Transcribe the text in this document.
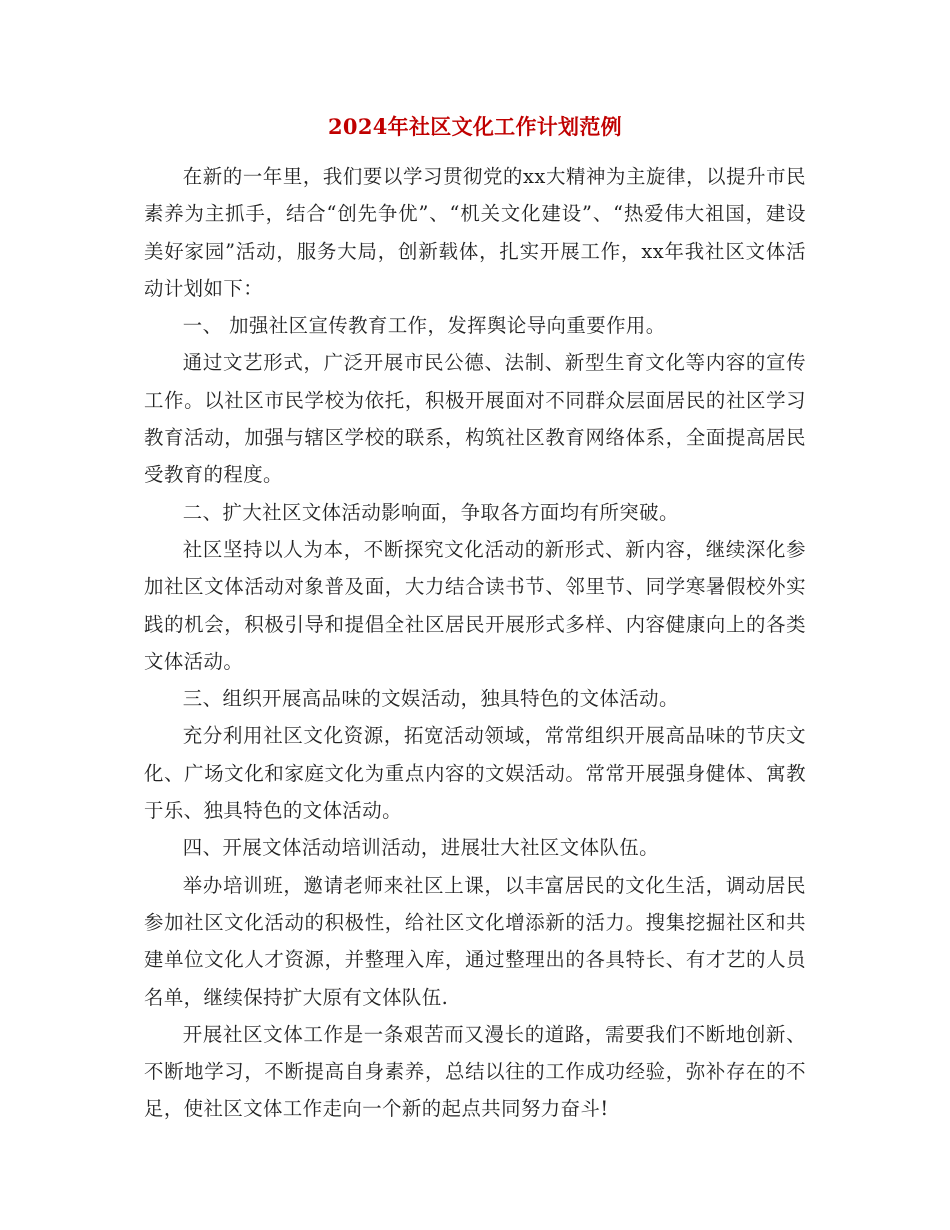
2024年社区文化工作计划范例

在新的一年里，我们要以学习贯彻党的xx大精神为主旋律，以提升市民素养为主抓手，结合“创先争优”、“机关文化建设”、“热爱伟大祖国，建设美好家园”活动，服务大局，创新载体，扎实开展工作，xx年我社区文体活动计划如下：

一、 加强社区宣传教育工作，发挥舆论导向重要作用。

通过文艺形式，广泛开展市民公德、法制、新型生育文化等内容的宣传工作。以社区市民学校为依托，积极开展面对不同群众层面居民的社区学习教育活动，加强与辖区学校的联系，构筑社区教育网络体系，全面提高居民受教育的程度。

二、扩大社区文体活动影响面，争取各方面均有所突破。

社区坚持以人为本，不断探究文化活动的新形式、新内容，继续深化参加社区文体活动对象普及面，大力结合读书节、邻里节、同学寒暑假校外实践的机会，积极引导和提倡全社区居民开展形式多样、内容健康向上的各类文体活动。

三、组织开展高品味的文娱活动，独具特色的文体活动。

充分利用社区文化资源，拓宽活动领域，常常组织开展高品味的节庆文化、广场文化和家庭文化为重点内容的文娱活动。常常开展强身健体、寓教于乐、独具特色的文体活动。

四、开展文体活动培训活动，进展壮大社区文体队伍。

举办培训班，邀请老师来社区上课，以丰富居民的文化生活，调动居民参加社区文化活动的积极性，给社区文化增添新的活力。搜集挖掘社区和共建单位文化人才资源，并整理入库，通过整理出的各具特长、有才艺的人员名单，继续保持扩大原有文体队伍.

开展社区文体工作是一条艰苦而又漫长的道路，需要我们不断地创新、不断地学习，不断提高自身素养，总结以往的工作成功经验，弥补存在的不足，使社区文体工作走向一个新的起点共同努力奋斗!
